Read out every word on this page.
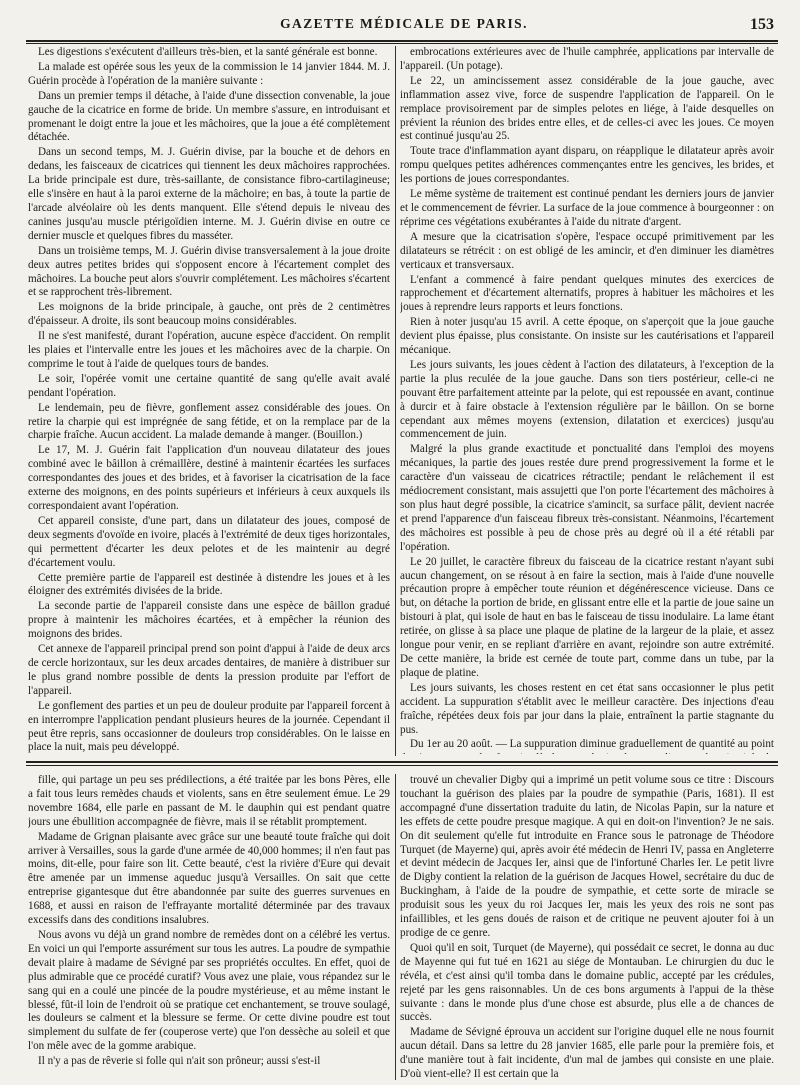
GAZETTE MÉDICALE DE PARIS.	153

Les digestions s'exécutent d'ailleurs très-bien, et la santé générale est bonne.

La malade est opérée sous les yeux de la commission le 14 janvier 1844. M. J. Guérin procède à l'opération de la manière suivante :

Dans un premier temps il détache, à l'aide d'une dissection convenable, la joue gauche de la cicatrice en forme de bride. Un membre s'assure, en introduisant et promenant le doigt entre la joue et les mâchoires, que la joue a été complètement détachée.

Dans un second temps, M. J. Guérin divise, par la bouche et de dehors en dedans, les faisceaux de cicatrices qui tiennent les deux mâchoires rapprochées. La bride principale est dure, très-saillante, de consistance fibro-cartilagineuse; elle s'insère en haut à la paroi externe de la mâchoire; en bas, à toute la partie de l'arcade alvéolaire où les dents manquent. Elle s'étend depuis le niveau des canines jusqu'au muscle ptérigoïdien interne. M. J. Guérin divise en outre ce dernier muscle et quelques fibres du masséter.

Dans un troisième temps, M. J. Guérin divise transversalement à la joue droite deux autres petites brides qui s'opposent encore à l'écartement complet des mâchoires. La bouche peut alors s'ouvrir complétement. Les mâchoires s'écartent et se rapprochent très-librement.

Les moignons de la bride principale, à gauche, ont près de 2 centimètres d'épaisseur. A droite, ils sont beaucoup moins considérables.

Il ne s'est manifesté, durant l'opération, aucune espèce d'accident. On remplit les plaies et l'intervalle entre les joues et les mâchoires avec de la charpie. On comprime le tout à l'aide de quelques tours de bandes.

Le soir, l'opérée vomit une certaine quantité de sang qu'elle avait avalé pendant l'opération.

Le lendemain, peu de fièvre, gonflement assez considérable des joues. On retire la charpie qui est imprégnée de sang fétide, et on la remplace par de la charpie fraîche. Aucun accident. La malade demande à manger. (Bouillon.)

Le 17, M. J. Guérin fait l'application d'un nouveau dilatateur des joues combiné avec le bâillon à crémaillère, destiné à maintenir écartées les surfaces correspondantes des joues et des brides, et à favoriser la cicatrisation de la face externe des moignons, en des points supérieurs et inférieurs à ceux auxquels ils correspondaient avant l'opération.

Cet appareil consiste, d'une part, dans un dilatateur des joues, composé de deux segments d'ovoïde en ivoire, placés à l'extrémité de deux tiges horizontales, qui permettent d'écarter les deux pelotes et de les maintenir au degré d'écartement voulu.

Cette première partie de l'appareil est destinée à distendre les joues et à les éloigner des extrémités divisées de la bride.

La seconde partie de l'appareil consiste dans une espèce de bâillon gradué propre à maintenir les mâchoires écartées, et à empêcher la réunion des moignons des brides.

Cet annexe de l'appareil principal prend son point d'appui à l'aide de deux arcs de cercle horizontaux, sur les deux arcades dentaires, de manière à distribuer sur le plus grand nombre possible de dents la pression produite par l'effort de l'appareil.

Le gonflement des parties et un peu de douleur produite par l'appareil forcent à en interrompre l'application pendant plusieurs heures de la journée. Cependant il peut être repris, sans occasionner de douleurs trop considérables. On le laisse en place la nuit, mais peu développé.

embrocations extérieures avec de l'huile camphrée, applications par intervalle de l'appareil. (Un potage).

Le 22, un amincissement assez considérable de la joue gauche, avec inflammation assez vive, force de suspendre l'application de l'appareil. On le remplace provisoirement par de simples pelotes en liége, à l'aide desquelles on prévient la réunion des brides entre elles, et de celles-ci avec les joues. Ce moyen est continué jusqu'au 25.

Toute trace d'inflammation ayant disparu, on réapplique le dilatateur après avoir rompu quelques petites adhérences commençantes entre les gencives, les brides, et les portions de joues correspondantes.

Le même système de traitement est continué pendant les derniers jours de janvier et le commencement de février. La surface de la joue commence à bourgeonner : on réprime ces végétations exubérantes à l'aide du nitrate d'argent.

A mesure que la cicatrisation s'opère, l'espace occupé primitivement par les dilatateurs se rétrécit : on est obligé de les amincir, et d'en diminuer les diamètres verticaux et transversaux.

L'enfant a commencé à faire pendant quelques minutes des exercices de rapprochement et d'écartement alternatifs, propres à habituer les mâchoires et les joues à reprendre leurs rapports et leurs fonctions.

Rien à noter jusqu'au 15 avril. A cette époque, on s'aperçoit que la joue gauche devient plus épaisse, plus consistante. On insiste sur les cautérisations et l'appareil mécanique.

Les jours suivants, les joues cèdent à l'action des dilatateurs, à l'exception de la partie la plus reculée de la joue gauche. Dans son tiers postérieur, celle-ci ne pouvant être parfaitement atteinte par la pelote, qui est repoussée en avant, continue à durcir et à faire obstacle à l'extension régulière par le bâillon. On se borne cependant aux mêmes moyens (extension, dilatation et exercices) jusqu'au commencement de juin.

Malgré la plus grande exactitude et ponctualité dans l'emploi des moyens mécaniques, la partie des joues restée dure prend progressivement la forme et le caractère d'un vaisseau de cicatrices rétractile; pendant le relâchement il est médiocrement consistant, mais assujetti que l'on porte l'écartement des mâchoires à son plus haut degré possible, la cicatrice s'amincit, sa surface pâlit, devient nacrée et prend l'apparence d'un faisceau fibreux très-consistant. Néanmoins, l'écartement des mâchoires est possible à peu de chose près au degré où il a été rétabli par l'opération.

Le 20 juillet, le caractère fibreux du faisceau de la cicatrice restant n'ayant subi aucun changement, on se résout à en faire la section, mais à l'aide d'une nouvelle précaution propre à empêcher toute réunion et dégénérescence vicieuse. Dans ce but, on détache la portion de bride, en glissant entre elle et la partie de joue saine un bistouri à plat, qui isole de haut en bas le faisceau de tissu inodulaire. La lame étant retirée, on glisse à sa place une plaque de platine de la largeur de la plaie, et assez longue pour venir, en se repliant d'arrière en avant, rejoindre son autre extrémité. De cette manière, la bride est cernée de toute part, comme dans un tube, par la plaque de platine.

Les jours suivants, les choses restent en cet état sans occasionner le plus petit accident. La suppuration s'établit avec le meilleur caractère. Des injections d'eau fraîche, répétées deux fois par jour dans la plaie, entraînent la partie stagnante du pus.

Du 1er au 20 août. — La suppuration diminue graduellement de quantité au point

fille, qui partage un peu ses prédilections, a été traitée par les bons Pères, elle a fait tous leurs remèdes chauds et violents, sans en être seulement émue. Le 29 novembre 1684, elle parle en passant de M. le dauphin qui est pendant quatre jours une ébullition accompagnée de fièvre, mais il se rétablit promptement.

Madame de Grignan plaisante avec grâce sur une beauté toute fraîche qui doit arriver à Versailles, sous la garde d'une armée de 40,000 hommes; il n'en faut pas moins, dit-elle, pour faire son lit. Cette beauté, c'est la rivière d'Eure qui devait être amenée par un immense aqueduc jusqu'à Versailles. On sait que cette entreprise gigantesque dut être abandonnée par suite des guerres survenues en 1688, et aussi en raison de l'effrayante mortalité déterminée par des travaux excessifs dans des conditions insalubres.

Nous avons vu déjà un grand nombre de remèdes dont on a célébré les vertus. En voici un qui l'emporte assurément sur tous les autres. La poudre de sympathie devait plaire à madame de Sévigné par ses propriétés occultes. En effet, quoi de plus admirable que ce procédé curatif? Vous avez une plaie, vous répandez sur le sang qui en a coulé une pincée de la poudre mystérieuse, et au même instant le blessé, fût-il loin de l'endroit où se pratique cet enchantement, se trouve soulagé, les douleurs se calment et la blessure se ferme. Or cette divine poudre est tout simplement du sulfate de fer (couperose verte) que l'on dessèche au soleil et que l'on mêle avec de la gomme arabique.

Il n'y a pas de rêverie si folle qui n'ait son prôneur; aussi s'est-il

trouvé un chevalier Digby qui a imprimé un petit volume sous ce titre : Discours touchant la guérison des plaies par la poudre de sympathie (Paris, 1681). Il est accompagné d'une dissertation traduite du latin, de Nicolas Papin, sur la nature et les effets de cette poudre presque magique. A qui en doit-on l'invention? Je ne sais. On dit seulement qu'elle fut introduite en France sous le patronage de Théodore Turquet (de Mayerne) qui, après avoir été médecin de Henri IV, passa en Angleterre et devint médecin de Jacques Ier, ainsi que de l'infortuné Charles Ier. Le petit livre de Digby contient la relation de la guérison de Jacques Howel, secrétaire du duc de Buckingham, à l'aide de la poudre de sympathie, et cette sorte de miracle se produisit sous les yeux du roi Jacques Ier, mais les yeux des rois ne sont pas infaillibles, et les gens doués de raison et de critique ne peuvent ajouter foi à un prodige de ce genre.

Quoi qu'il en soit, Turquet (de Mayerne), qui possédait ce secret, le donna au duc de Mayenne qui fut tué en 1621 au siége de Montauban. Le chirurgien du duc le révéla, et c'est ainsi qu'il tomba dans le domaine public, accepté par les crédules, rejeté par les gens raisonnables. Un de ces bons arguments à l'appui de la thèse suivante : dans le monde plus d'une chose est absurde, plus elle a de chances de succès.

Madame de Sévigné éprouva un accident sur l'origine duquel elle ne nous fournit aucun détail. Dans sa lettre du 28 janvier 1685, elle parle pour la première fois, et d'une manière tout à fait incidente, d'un mal de jambes qui consiste en une plaie. D'où vient-elle? Il est certain que la
